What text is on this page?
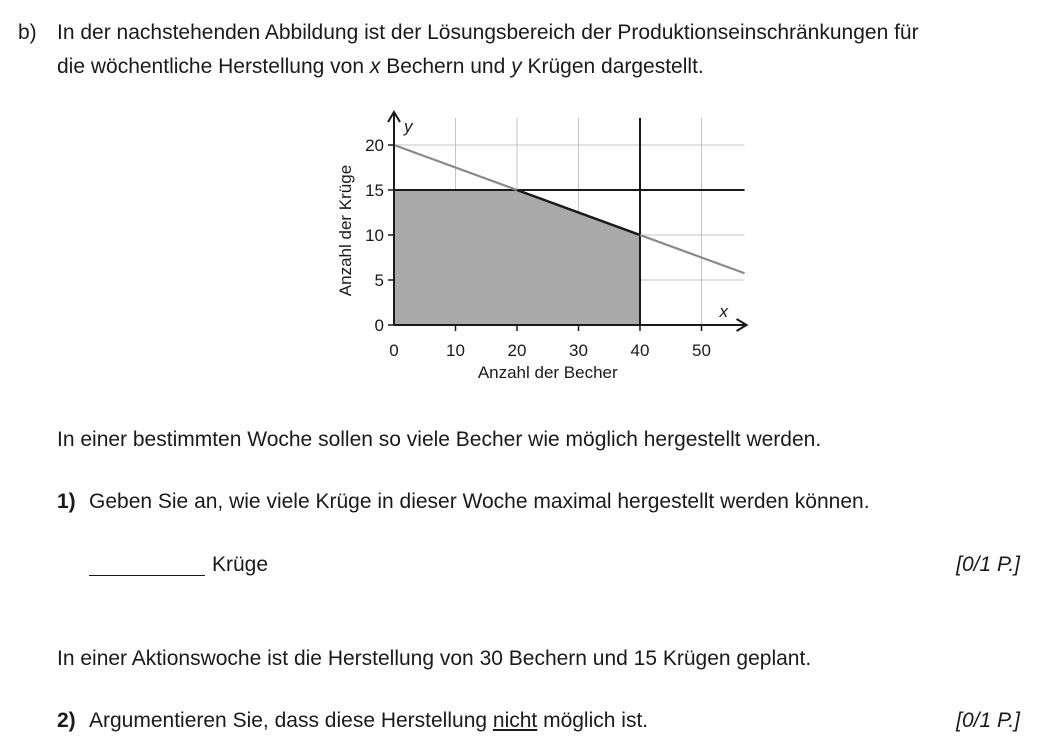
b) In der nachstehenden Abbildung ist der Lösungsbereich der Produktionseinschränkungen für
die wöchentliche Herstellung von x Bechern und y Krügen dargestellt.
0	10	20	30	40	50
0
5
10
15
20
x
y
Anzahl der Becher
Anzahl der Krüge
In einer bestimmten Woche sollen so viele Becher wie möglich hergestellt werden.
1) Geben Sie an, wie viele Krüge in dieser Woche maximal hergestellt werden können.
Krüge	[0/1 P.]
In einer Aktionswoche ist die Herstellung von 30 Bechern und 15 Krügen geplant.
2) Argumentieren Sie, dass diese Herstellung nicht möglich ist.	[0/1 P.]
